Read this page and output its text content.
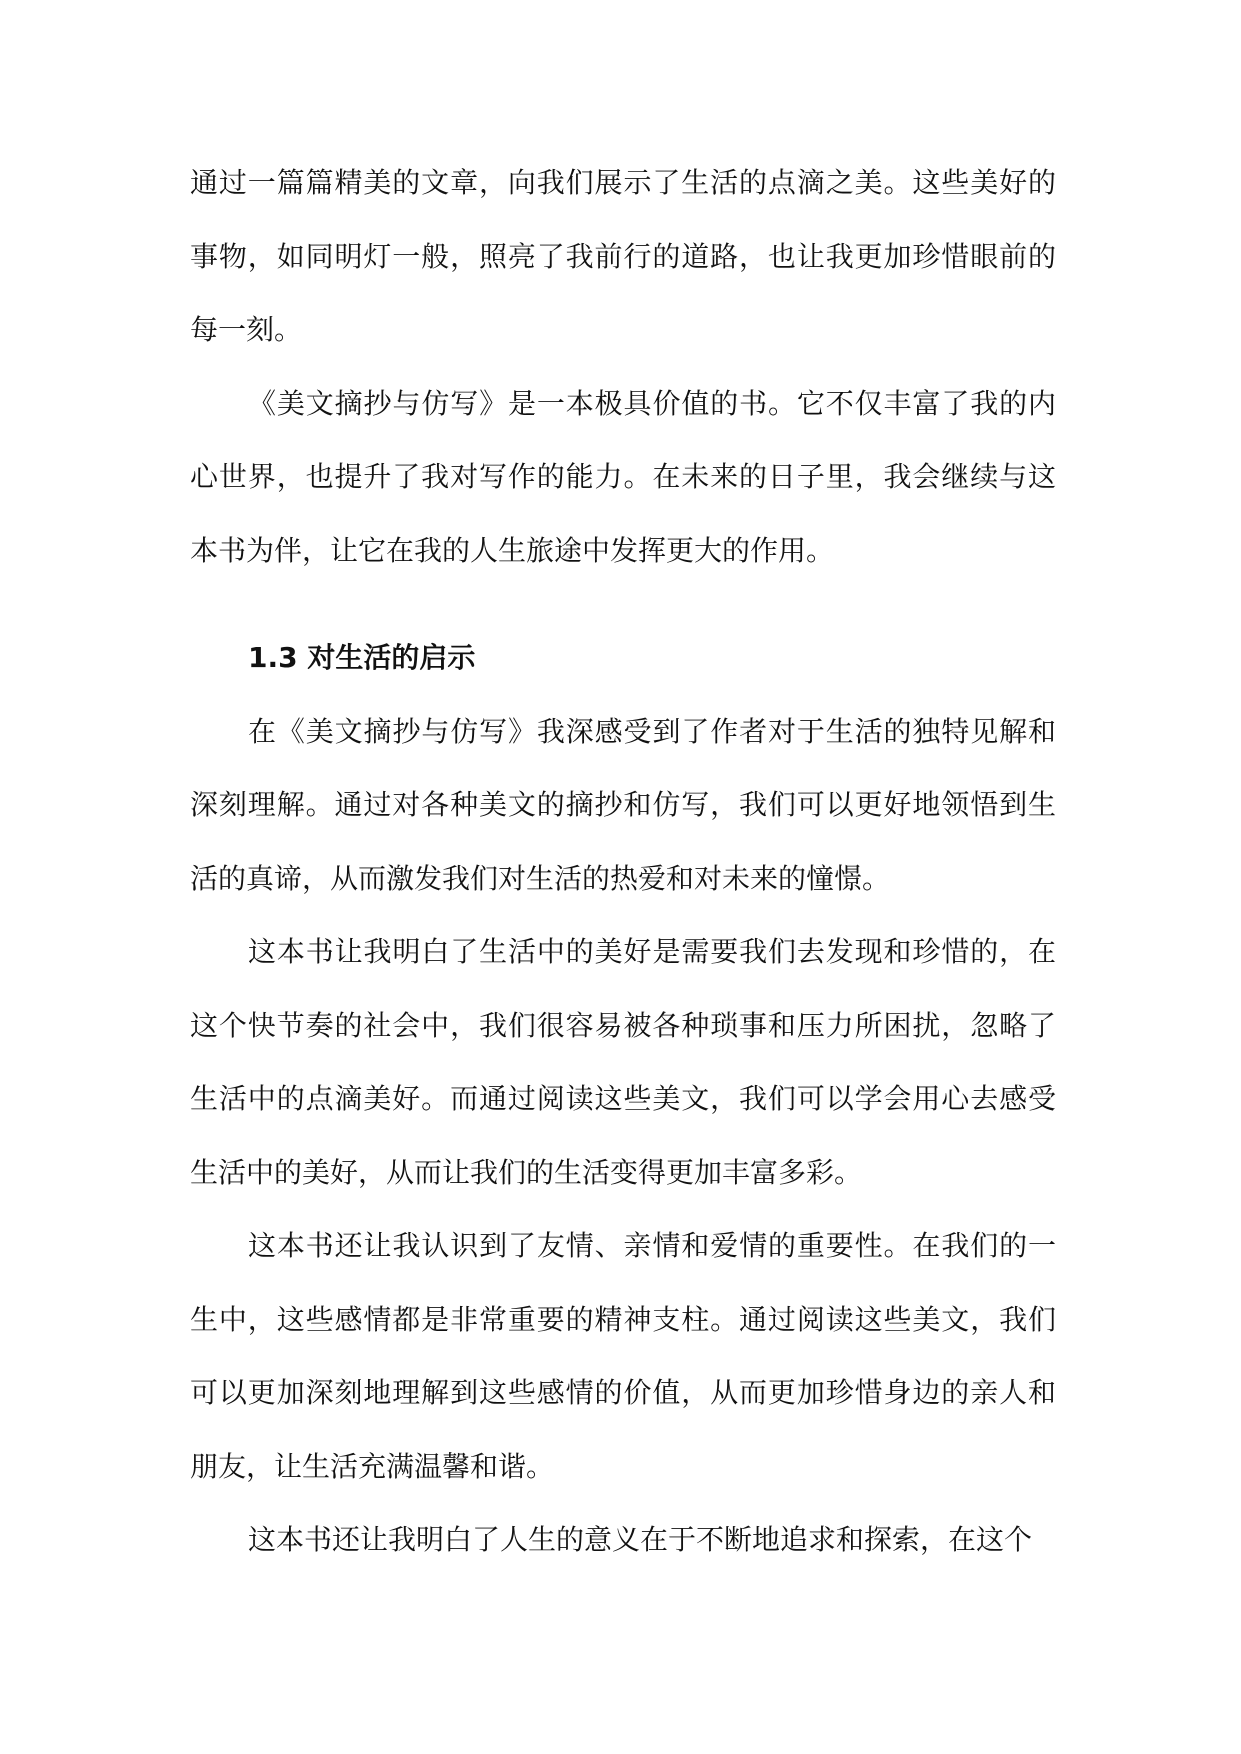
通过一篇篇精美的文章，向我们展示了生活的点滴之美。这些美好的事物，如同明灯一般，照亮了我前行的道路，也让我更加珍惜眼前的每一刻。

《美文摘抄与仿写》是一本极具价值的书。它不仅丰富了我的内心世界，也提升了我对写作的能力。在未来的日子里，我会继续与这本书为伴，让它在我的人生旅途中发挥更大的作用。

1.3 对生活的启示

在《美文摘抄与仿写》我深感受到了作者对于生活的独特见解和深刻理解。通过对各种美文的摘抄和仿写，我们可以更好地领悟到生活的真谛，从而激发我们对生活的热爱和对未来的憧憬。

这本书让我明白了生活中的美好是需要我们去发现和珍惜的，在这个快节奏的社会中，我们很容易被各种琐事和压力所困扰，忽略了生活中的点滴美好。而通过阅读这些美文，我们可以学会用心去感受生活中的美好，从而让我们的生活变得更加丰富多彩。

这本书还让我认识到了友情、亲情和爱情的重要性。在我们的一生中，这些感情都是非常重要的精神支柱。通过阅读这些美文，我们可以更加深刻地理解到这些感情的价值，从而更加珍惜身边的亲人和朋友，让生活充满温馨和谐。

这本书还让我明白了人生的意义在于不断地追求和探索，在这个
